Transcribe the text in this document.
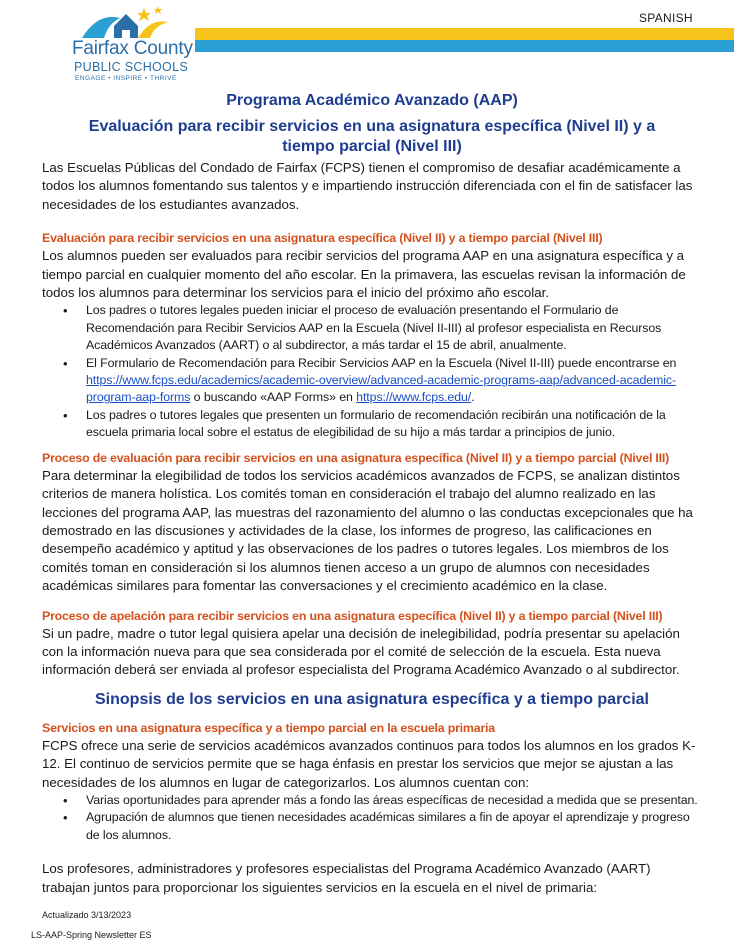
Fairfax County
PUBLIC SCHOOLS
ENGAGE • INSPIRE • THRIVE
SPANISH
Programa Académico Avanzado (AAP)
Evaluación para recibir servicios en una asignatura específica (Nivel II) y a
tiempo parcial (Nivel III)

Las Escuelas Públicas del Condado de Fairfax (FCPS) tienen el compromiso de desafiar académicamente a todos los alumnos fomentando sus talentos y e impartiendo instrucción diferenciada con el fin de satisfacer las necesidades de los estudiantes avanzados.

Evaluación para recibir servicios en una asignatura específica (Nivel II) y a tiempo parcial (Nivel III)

Los alumnos pueden ser evaluados para recibir servicios del programa AAP en una asignatura específica y a tiempo parcial en cualquier momento del año escolar. En la primavera, las escuelas revisan la información de todos los alumnos para determinar los servicios para el inicio del próximo año escolar.

• Los padres o tutores legales pueden iniciar el proceso de evaluación presentando el Formulario de Recomendación para Recibir Servicios AAP en la Escuela (Nivel II-III) al profesor especialista en Recursos Académicos Avanzados (AART) o al subdirector, a más tardar el 15 de abril, anualmente.
• El Formulario de Recomendación para Recibir Servicios AAP en la Escuela (Nivel II-III) puede encontrarse en https://www.fcps.edu/academics/academic-overview/advanced-academic-programs-aap/advanced-academic-program-aap-forms o buscando «AAP Forms» en https://www.fcps.edu/.
• Los padres o tutores legales que presenten un formulario de recomendación recibirán una notificación de la escuela primaria local sobre el estatus de elegibilidad de su hijo a más tardar a principios de junio.
Proceso de evaluación para recibir servicios en una asignatura específica (Nivel II) y a tiempo parcial (Nivel III)

Para determinar la elegibilidad de todos los servicios académicos avanzados de FCPS, se analizan distintos criterios de manera holística. Los comités toman en consideración el trabajo del alumno realizado en las lecciones del programa AAP, las muestras del razonamiento del alumno o las conductas excepcionales que ha demostrado en las discusiones y actividades de la clase, los informes de progreso, las calificaciones en desempeño académico y aptitud y las observaciones de los padres o tutores legales. Los miembros de los comités toman en consideración si los alumnos tienen acceso a un grupo de alumnos con necesidades académicas similares para fomentar las conversaciones y el crecimiento académico en la clase.

Proceso de apelación para recibir servicios en una asignatura específica (Nivel II) y a tiempo parcial (Nivel III)

Si un padre, madre o tutor legal quisiera apelar una decisión de inelegibilidad, podría presentar su apelación con la información nueva para que sea considerada por el comité de selección de la escuela. Esta nueva información deberá ser enviada al profesor especialista del Programa Académico Avanzado o al subdirector.

Sinopsis de los servicios en una asignatura específica y a tiempo parcial
Servicios en una asignatura específica y a tiempo parcial en la escuela primaria

FCPS ofrece una serie de servicios académicos avanzados continuos para todos los alumnos en los grados K-12. El continuo de servicios permite que se haga énfasis en prestar los servicios que mejor se ajustan a las necesidades de los alumnos en lugar de categorizarlos. Los alumnos cuentan con:

• Varias oportunidades para aprender más a fondo las áreas específicas de necesidad a medida que se presentan.
• Agrupación de alumnos que tienen necesidades académicas similares a fin de apoyar el aprendizaje y progreso de los alumnos.

Los profesores, administradores y profesores especialistas del Programa Académico Avanzado (AART) trabajan juntos para proporcionar los siguientes servicios en la escuela en el nivel de primaria:

Actualizado 3/13/2023
LS-AAP-Spring Newsletter ES
